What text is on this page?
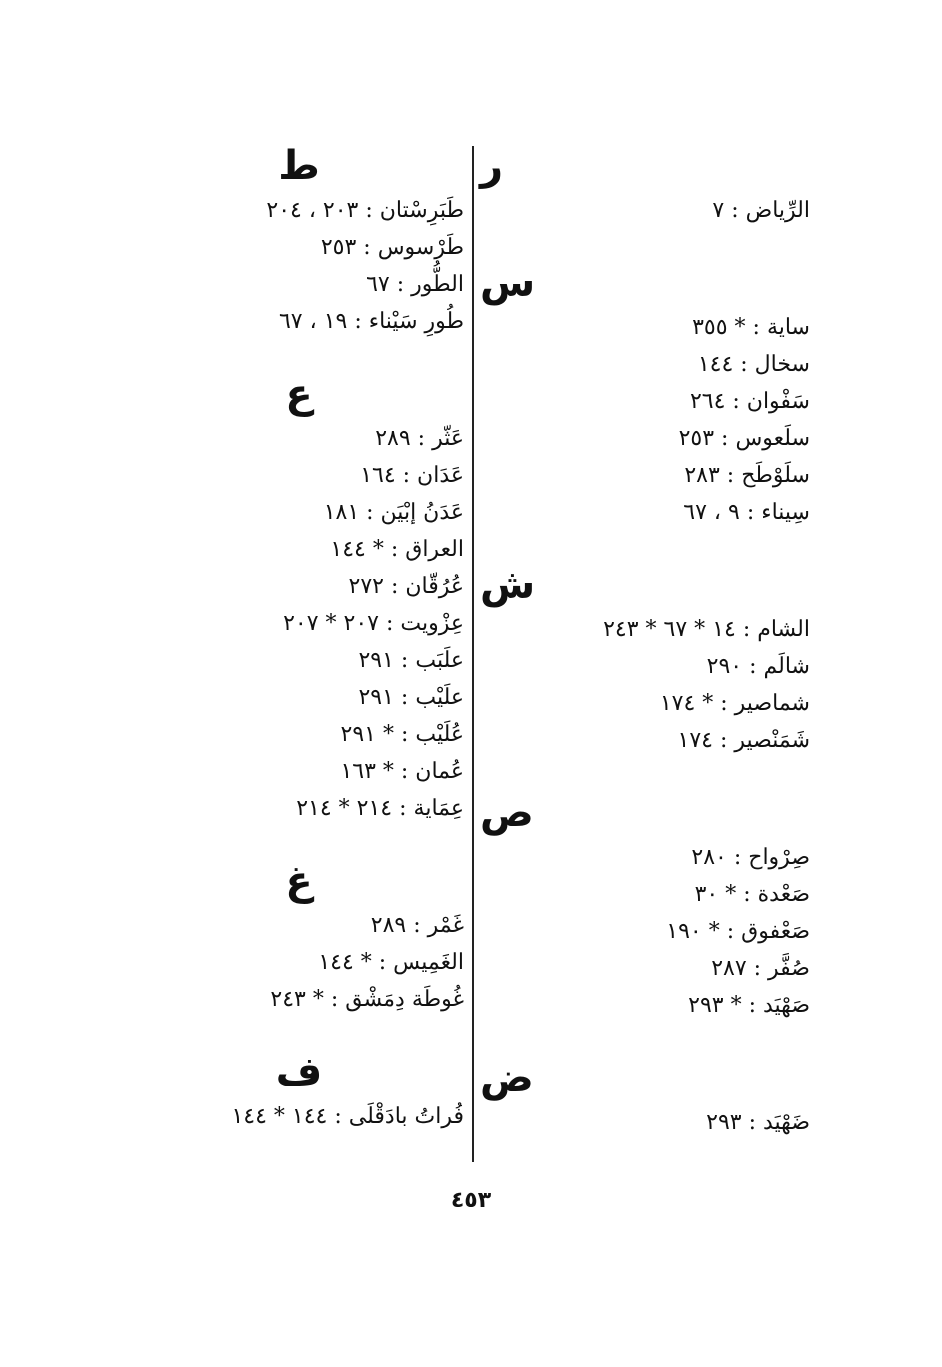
ر
الرِّياض : ٧
س
ساية : * ٣٥٥
سخال : ١٤٤
سَفْوان : ٢٦٤
سلَعوس : ٢٥٣
سلَوْطَح : ٢٨٣
سِيناء : ٩ ، ٦٧
ش
الشام : ١٤ * ٦٧ * ٢٤٣
شالَم : ٢٩٠
شماصير : * ١٧٤
شَمَنْصير : ١٧٤
ص
صِرْواح : ٢٨٠
صَعْدة : * ٣٠
صَعْفوق : * ١٩٠
صُفَّر : ٢٨٧
صَهْيَد : * ٢٩٣
ض
ضَهْيَد : ٢٩٣
ط
طَبَرِسْتان : ٢٠٣ ، ٢٠٤
طَرْسوس : ٢٥٣
الطُّور : ٦٧
طُورِ سَيْناء : ١٩ ، ٦٧
ع
عَثّر : ٢٨٩
عَدَان : ١٦٤
عَدَنُ إبْيَن : ١٨١
العراق : * ١٤٤
عُرُقّان : ٢٧٢
عِزْويت : ٢٠٧ * ٢٠٧
علَبَب : ٢٩١
علَيْب : ٢٩١
عُلَيْب : * ٢٩١
عُمان : * ١٦٣
عِمَاية : ٢١٤ * ٢١٤
غ
غَمْر : ٢٨٩
الغَمِيس : * ١٤٤
غُوطَة دِمَشْق : * ٢٤٣
ف
فُراتُ بادَقْلَى : ١٤٤ * ١٤٤
٤٥٣
